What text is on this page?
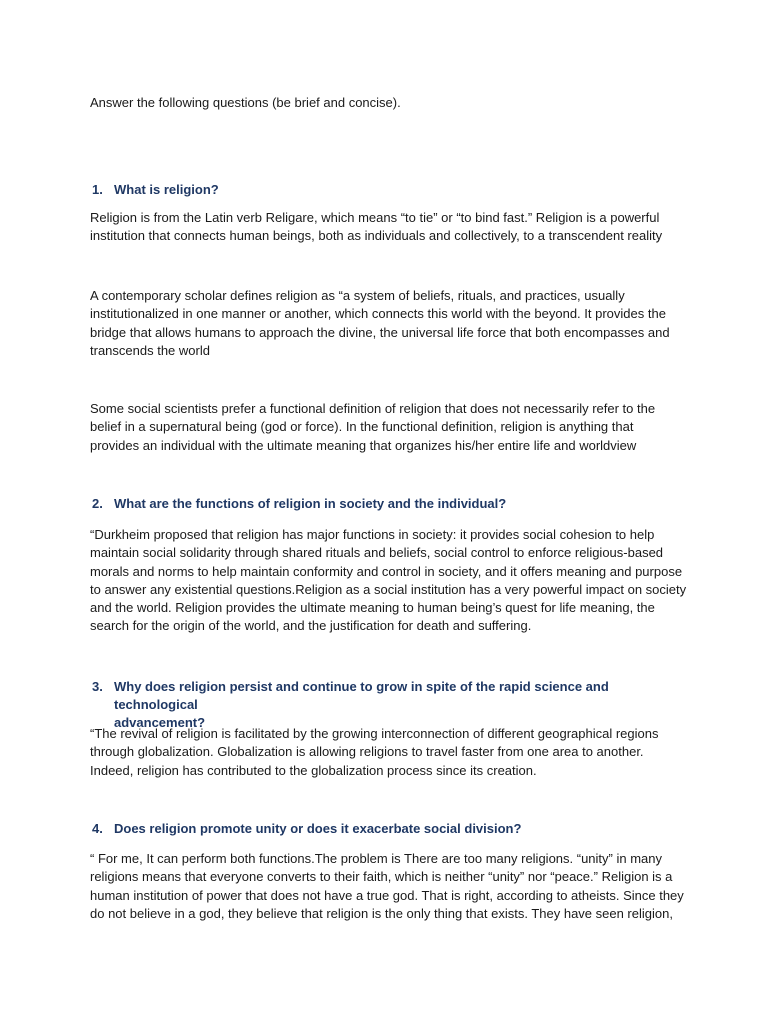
Answer the following questions (be brief and concise).
1. What is religion?
Religion is from the Latin verb Religare, which means “to tie” or “to bind fast.” Religion is a powerful
institution that connects human beings, both as individuals and collectively, to a transcendent reality
A contemporary scholar defines religion as “a system of beliefs, rituals, and practices, usually
institutionalized in one manner or another, which connects this world with the beyond. It provides the
bridge that allows humans to approach the divine, the universal life force that both encompasses and
transcends the world
Some social scientists prefer a functional definition of religion that does not necessarily refer to the
belief in a supernatural being (god or force). In the functional definition, religion is anything that
provides an individual with the ultimate meaning that organizes his/her entire life and worldview
2. What are the functions of religion in society and the individual?
“Durkheim proposed that religion has major functions in society: it provides social cohesion to help
maintain social solidarity through shared rituals and beliefs, social control to enforce religious-based
morals and norms to help maintain conformity and control in society, and it offers meaning and purpose
to answer any existential questions.Religion as a social institution has a very powerful impact on society
and the world. Religion provides the ultimate meaning to human being’s quest for life meaning, the
search for the origin of the world, and the justification for death and suffering.
3. Why does religion persist and continue to grow in spite of the rapid science and technological
advancement?
“The revival of religion is facilitated by the growing interconnection of different geographical regions
through globalization. Globalization is allowing religions to travel faster from one area to another.
Indeed, religion has contributed to the globalization process since its creation.
4. Does religion promote unity or does it exacerbate social division?
“ For me, It can perform both functions.The problem is There are too many religions. “unity” in many
religions means that everyone converts to their faith, which is neither “unity” nor “peace.” Religion is a
human institution of power that does not have a true god. That is right, according to atheists. Since they
do not believe in a god, they believe that religion is the only thing that exists. They have seen religion,
